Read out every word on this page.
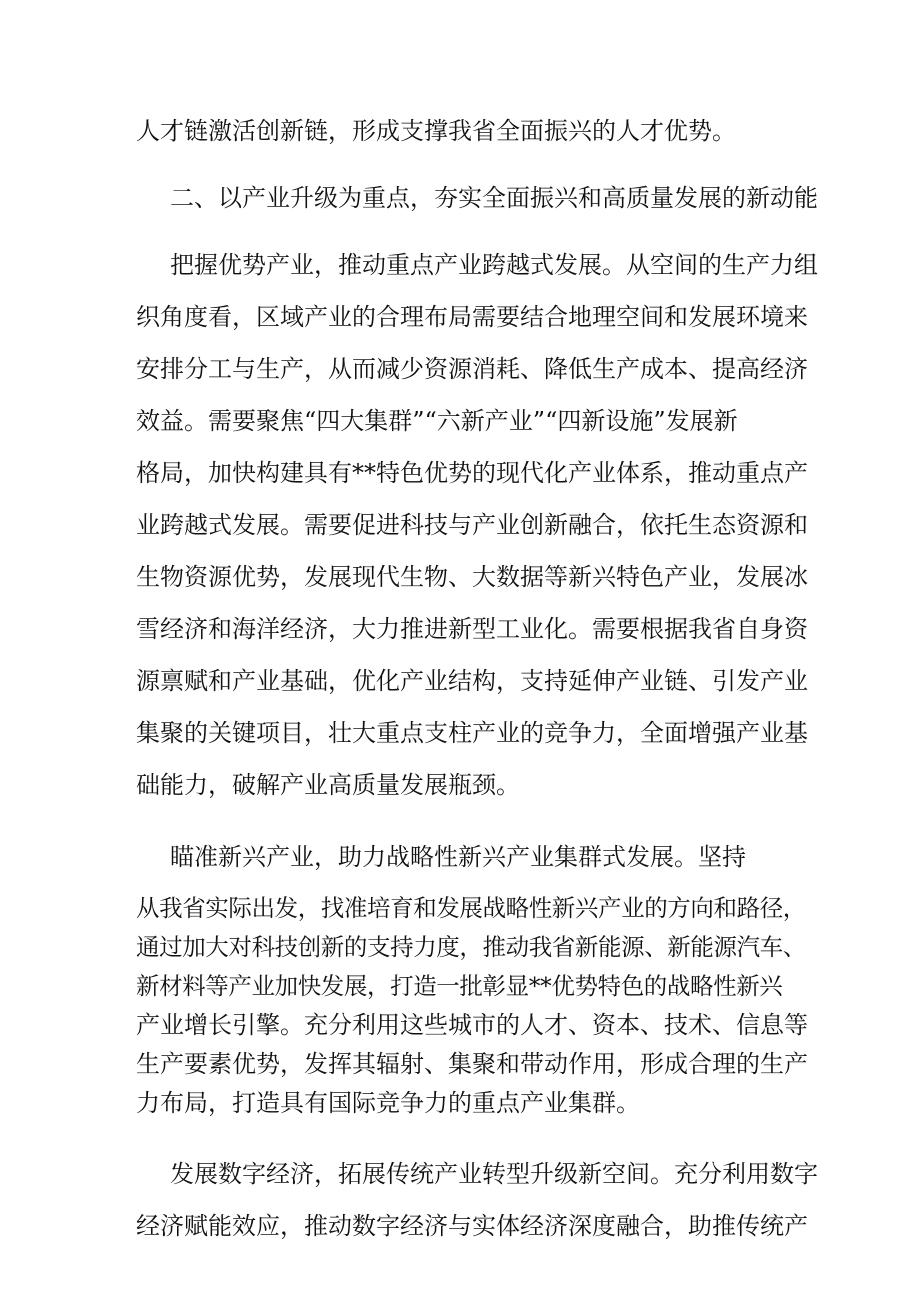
人才链激活创新链，形成支撑我省全面振兴的人才优势。

二、以产业升级为重点，夯实全面振兴和高质量发展的新动能

把握优势产业，推动重点产业跨越式发展。从空间的生产力组

织角度看，区域产业的合理布局需要结合地理空间和发展环境来

安排分工与生产，从而减少资源消耗、降低生产成本、提高经济

效益。需要聚焦“四大集群”“六新产业”“四新设施”发展新

格局，加快构建具有**特色优势的现代化产业体系，推动重点产

业跨越式发展。需要促进科技与产业创新融合，依托生态资源和

生物资源优势，发展现代生物、大数据等新兴特色产业，发展冰

雪经济和海洋经济，大力推进新型工业化。需要根据我省自身资

源禀赋和产业基础，优化产业结构，支持延伸产业链、引发产业

集聚的关键项目，壮大重点支柱产业的竞争力，全面增强产业基

础能力，破解产业高质量发展瓶颈。

瞄准新兴产业，助力战略性新兴产业集群式发展。坚持

从我省实际出发，找准培育和发展战略性新兴产业的方向和路径，

通过加大对科技创新的支持力度，推动我省新能源、新能源汽车、

新材料等产业加快发展，打造一批彰显**优势特色的战略性新兴

产业增长引擎。充分利用这些城市的人才、资本、技术、信息等

生产要素优势，发挥其辐射、集聚和带动作用，形成合理的生产

力布局，打造具有国际竞争力的重点产业集群。

发展数字经济，拓展传统产业转型升级新空间。充分利用数字

经济赋能效应，推动数字经济与实体经济深度融合，助推传统产
